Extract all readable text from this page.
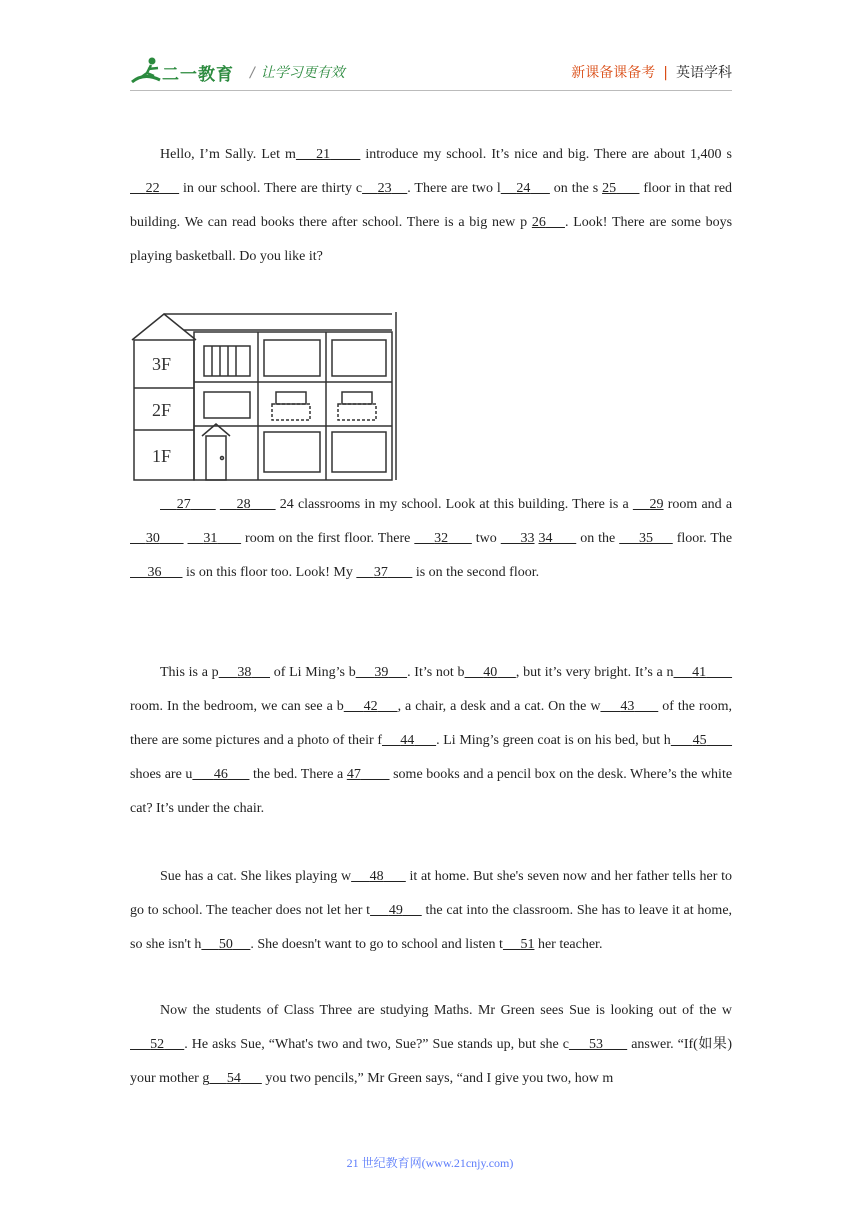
二一教育 / 让学习更有效	新课备课备考 | 英语学科
Hello, I’m Sally. Let m 21       introduce my school. It’s nice and big. There are about 1,400 s    22      in our school. There are thirty c 23 . There are two l 24      on the s 25       floor in that red building. We can read books there after school. There is a big new p 26 . Look! There are some boys playing basketball. Do you like it?
3F
2F
1F
27	28       24 classrooms in my school. Look at this building. There is a     29 room and a     30	31       room on the first floor. There      32       two      33 34       on the      35      floor. The      36       is on this floor too. Look! My      37        is on the second floor.
This is a p 38      of Li Ming’s b 39 . It’s not b 40 , but it’s very bright. It’s a n 41        room. In the bedroom, we can see a b 42 , a chair, a desk and a cat. On the w 43       of the room, there are some pictures and a photo of their f 44 . Li Ming’s green coat is on his bed, but h 45        shoes are u 46       the bed. There a 47         some books and a pencil box on the desk. Where’s the white cat? It’s under the chair.
Sue has a cat. She likes playing w 48       it at home. But she's seven now and her father tells her to go to school. The teacher does not let her t 49      the cat into the classroom. She has to leave it at home, so she isn't h 50 . She doesn't want to go to school and listen t 51 her teacher.
Now the students of Class Three are studying Maths. Mr Green sees Sue is looking out of the w      52 . He asks Sue, “What's two and two, Sue?” Sue stands up, but she c 53       answer. “If(如果) your mother g 54       you two pencils,” Mr Green says, “and I give you two, how m
21 世纪教育网(www.21cnjy.com)
